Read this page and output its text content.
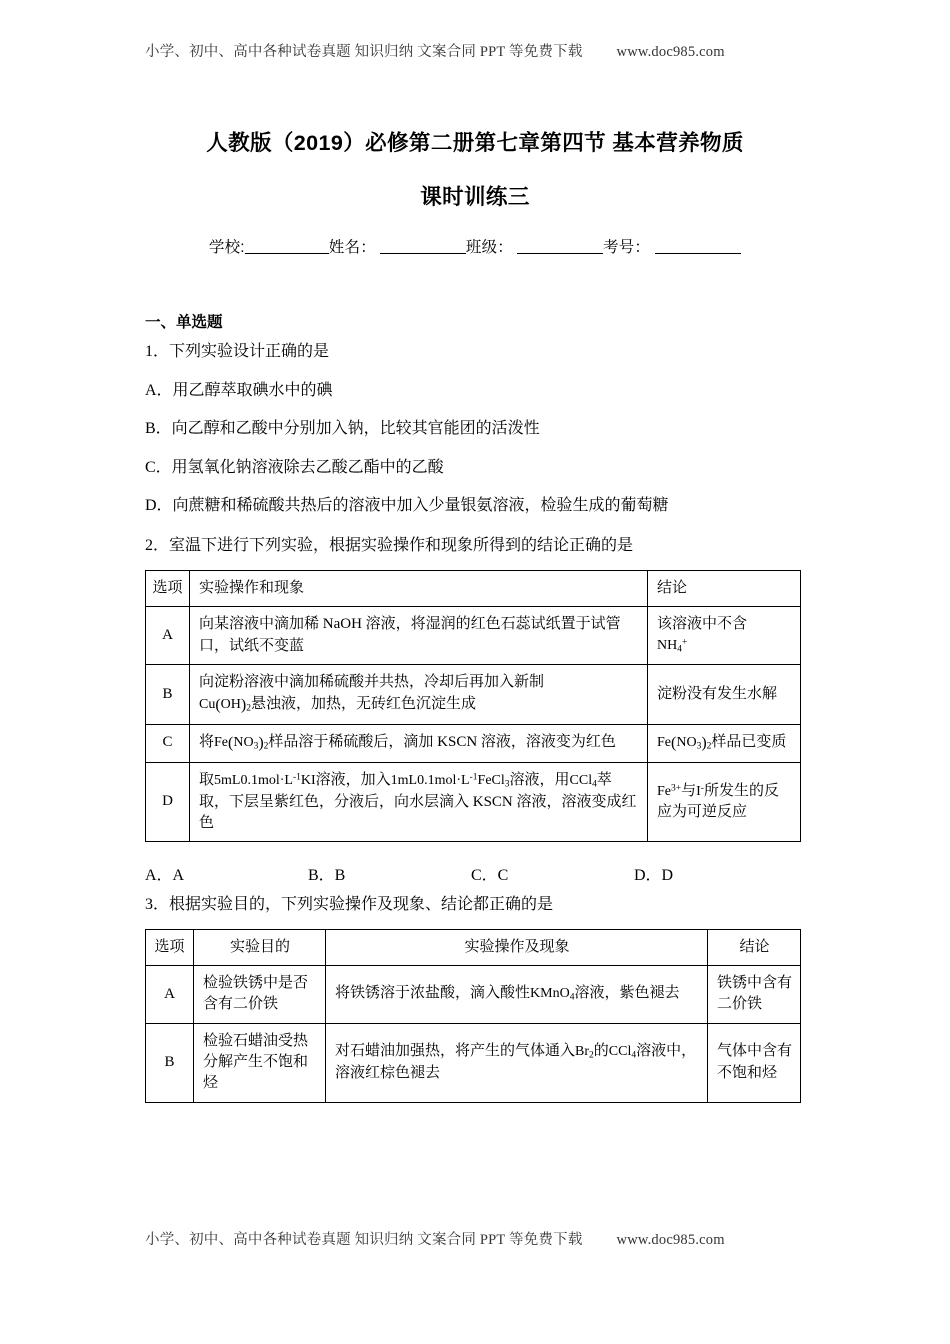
小学、初中、高中各种试卷真题 知识归纳 文案合同 PPT 等免费下载 www.doc985.com
人教版（2019）必修第二册第七章第四节 基本营养物质
课时训练三
学校:	姓名：	班级：	考号：
一、单选题
1．下列实验设计正确的是
A．用乙醇萃取碘水中的碘
B．向乙醇和乙酸中分别加入钠，比较其官能团的活泼性
C．用氢氧化钠溶液除去乙酸乙酯中的乙酸
D．向蔗糖和稀硫酸共热后的溶液中加入少量银氨溶液，检验生成的葡萄糖
2．室温下进行下列实验，根据实验操作和现象所得到的结论正确的是
选项	实验操作和现象	结论
A	向某溶液中滴加稀 NaOH 溶液，将湿润的红色石蕊试纸置于试管口，试纸不变蓝	该溶液中不含
$NH_4^+$
B	向淀粉溶液中滴加稀硫酸并共热，冷却后再加入新制
$Cu(OH)_2$悬浊液，加热，无砖红色沉淀生成	淀粉没有发生水解
C	将$Fe(NO_3)_2$样品溶于稀硫酸后，滴加 KSCN 溶液，溶液变为红色	$Fe(NO_3)_2$样品已变质
D	取$5mL0.1mol\cdot L^{-1}KI$溶液，加入$1mL0.1mol\cdot L^{-1}FeCl_3$溶液，用CCl$_4$萃取，下层呈紫红色，分液后，向水层滴入 KSCN 溶液，溶液变成红色	$Fe^{3+}$与I-所发生的反应为可逆反应
A．A	B．B	C．C	D．D
3．根据实验目的，下列实验操作及现象、结论都正确的是
选项	实验目的	实验操作及现象	结论
A	检验铁锈中是否含有二价铁	将铁锈溶于浓盐酸，滴入酸性KMnO$_4$溶液，紫色褪去	铁锈中含有二价铁
B	检验石蜡油受热分解产生不饱和烃	对石蜡油加强热，将产生的气体通入$Br_2$的CCl$_4$溶液中，溶液红棕色褪去	气体中含有不饱和烃
小学、初中、高中各种试卷真题 知识归纳 文案合同 PPT 等免费下载 www.doc985.com
